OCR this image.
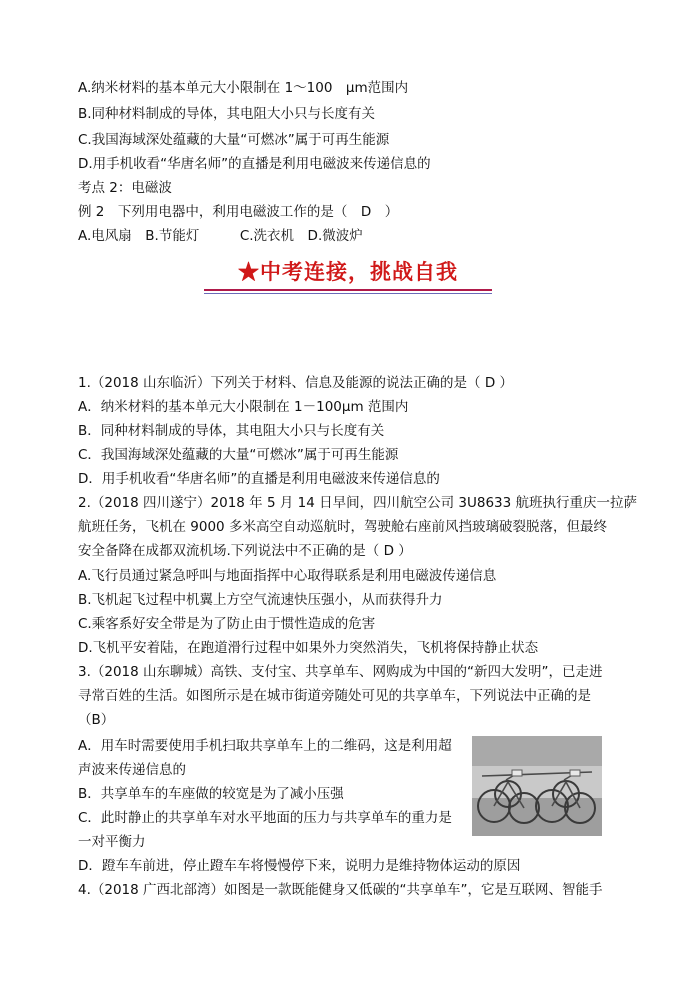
A.纳米材料的基本单元大小限制在 1～100　μm范围内
B.同种材料制成的导体，其电阻大小只与长度有关
C.我国海域深处蕴藏的大量“可燃冰”属于可再生能源
D.用手机收看“华唐名师”的直播是利用电磁波来传递信息的
考点 2：电磁波
例 2　下列用电器中，利用电磁波工作的是（　D　）
A.电风扇　B.节能灯　　　C.洗衣机　D.微波炉
★中考连接，挑战自我
1.（2018 山东临沂）下列关于材料、信息及能源的说法正确的是（ D ）
A．纳米材料的基本单元大小限制在 1－100μm 范围内
B．同种材料制成的导体，其电阻大小只与长度有关
C．我国海域深处蕴藏的大量“可燃冰”属于可再生能源
D．用手机收看“华唐名师”的直播是利用电磁波来传递信息的
2.（2018 四川遂宁）2018 年 5 月 14 日早间，四川航空公司 3U8633 航班执行重庆一拉萨
航班任务，飞机在 9000 多米高空自动巡航时，驾驶舱右座前风挡玻璃破裂脱落，但最终
安全备降在成都双流机场.下列说法中不正确的是（ D ）
A.飞行员通过紧急呼叫与地面指挥中心取得联系是利用电磁波传递信息
B.飞机起飞过程中机翼上方空气流速快压强小，从而获得升力
C.乘客系好安全带是为了防止由于惯性造成的危害
D.飞机平安着陆，在跑道滑行过程中如果外力突然消失，飞机将保持静止状态
3.（2018 山东聊城）高铁、支付宝、共享单车、网购成为中国的“新四大发明”，已走进
寻常百姓的生活。如图所示是在城市街道旁随处可见的共享单车，下列说法中正确的是
（B）
A．用车时需要使用手机扫取共享单车上的二维码，这是利用超
声波来传递信息的
B．共享单车的车座做的较宽是为了减小压强
C．此时静止的共享单车对水平地面的压力与共享单车的重力是
一对平衡力
D．蹬车车前进，停止蹬车车将慢慢停下来，说明力是维持物体运动的原因
4.（2018 广西北部湾）如图是一款既能健身又低碳的“共享单车”，它是互联网、智能手
